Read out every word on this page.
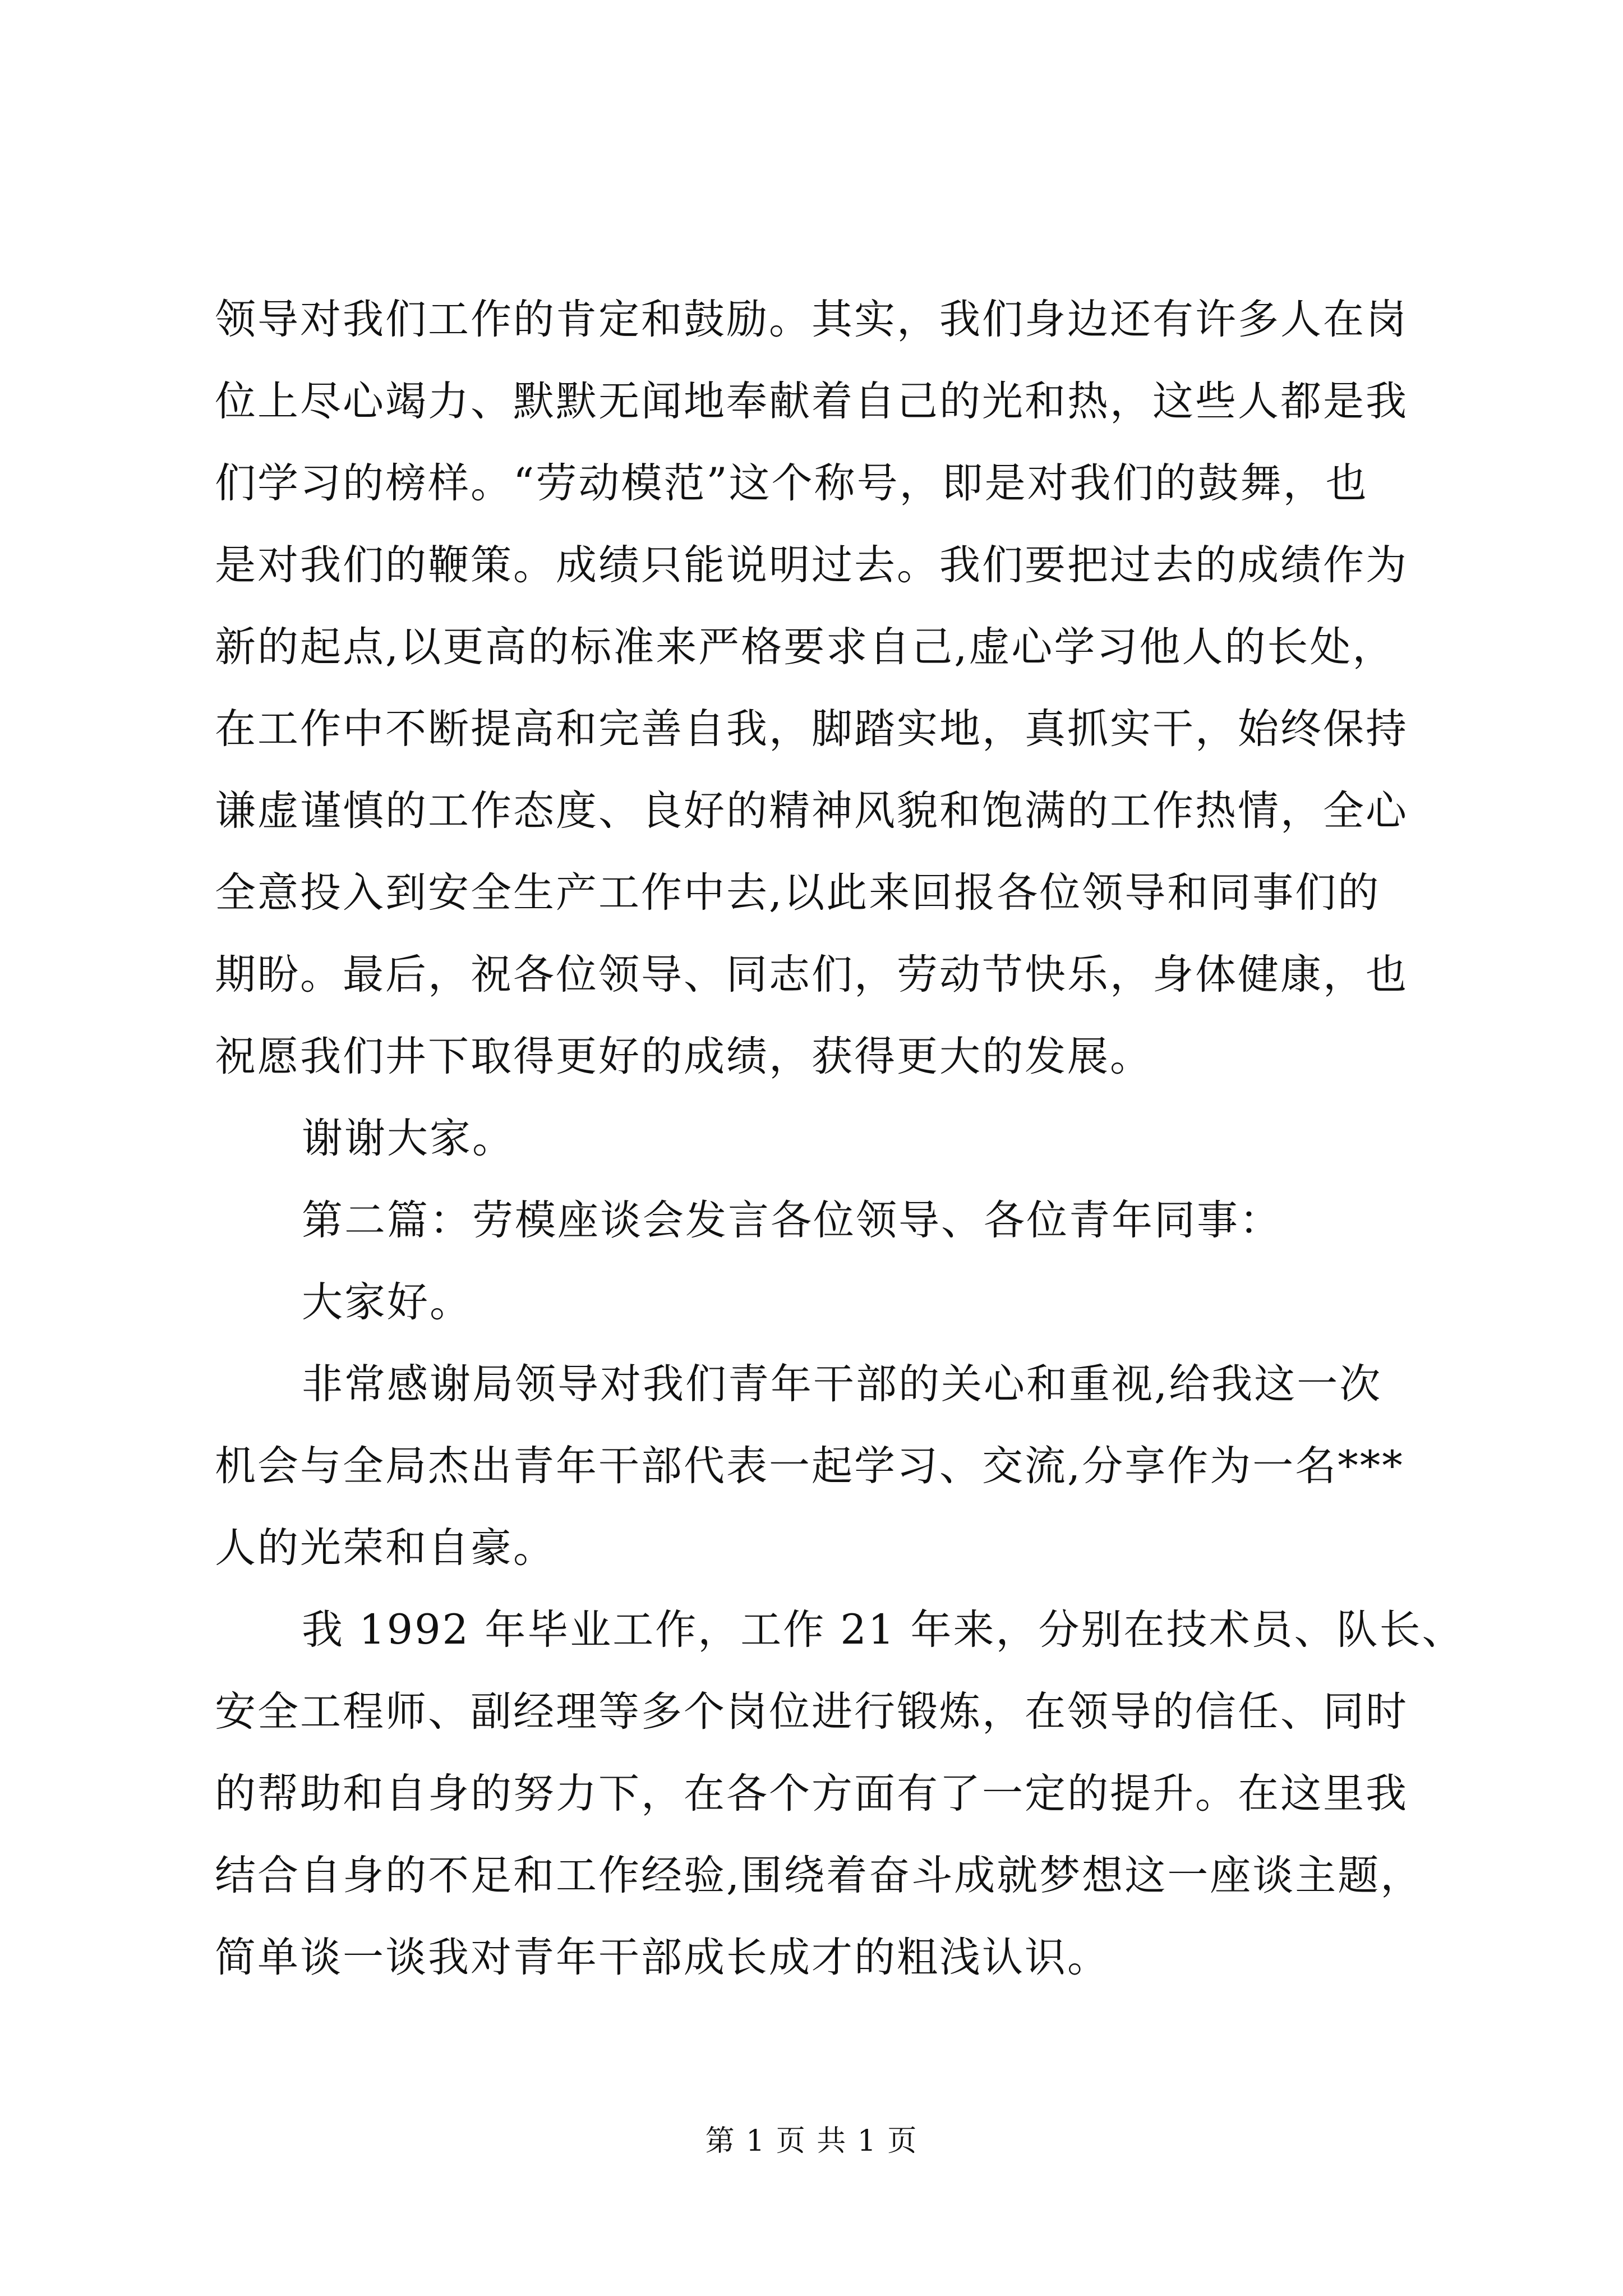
领导对我们工作的肯定和鼓励。其实，我们身边还有许多人在岗
位上尽心竭力、默默无闻地奉献着自己的光和热，这些人都是我
们学习的榜样。“劳动模范”这个称号，即是对我们的鼓舞，也
是对我们的鞭策。成绩只能说明过去。我们要把过去的成绩作为
新的起点,以更高的标准来严格要求自己,虚心学习他人的长处，
在工作中不断提高和完善自我，脚踏实地，真抓实干，始终保持
谦虚谨慎的工作态度、良好的精神风貌和饱满的工作热情，全心
全意投入到安全生产工作中去,以此来回报各位领导和同事们的
期盼。最后，祝各位领导、同志们，劳动节快乐，身体健康，也
祝愿我们井下取得更好的成绩，获得更大的发展。
谢谢大家。
第二篇：劳模座谈会发言各位领导、各位青年同事：
大家好。
非常感谢局领导对我们青年干部的关心和重视,给我这一次
机会与全局杰出青年干部代表一起学习、交流,分享作为一名***
人的光荣和自豪。
我 1992 年毕业工作，工作 21 年来，分别在技术员、队长、
安全工程师、副经理等多个岗位进行锻炼，在领导的信任、同时
的帮助和自身的努力下，在各个方面有了一定的提升。在这里我
结合自身的不足和工作经验,围绕着奋斗成就梦想这一座谈主题，
简单谈一谈我对青年干部成长成才的粗浅认识。
第 1 页 共 1 页
